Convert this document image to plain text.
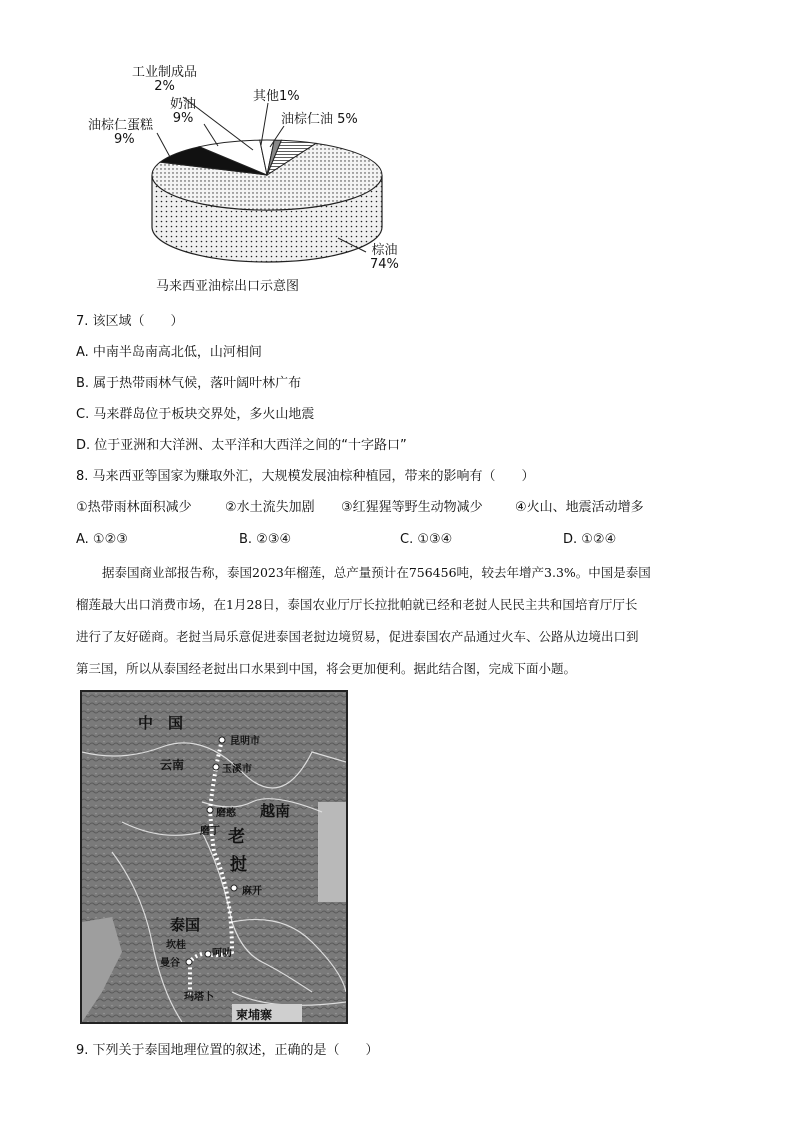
工业制成品
2%
奶油
9%
油棕仁蛋糕
9%
其他1%
油棕仁油 5%
棕油
74%
马来西亚油棕出口示意图
7. 该区域（　　）
A. 中南半岛南高北低，山河相间
B. 属于热带雨林气候，落叶阔叶林广布
C. 马来群岛位于板块交界处，多火山地震
D. 位于亚洲和大洋洲、太平洋和大西洋之间的“十字路口”
8. 马来西亚等国家为赚取外汇，大规模发展油棕种植园，带来的影响有（　　）
①热带雨林面积减少	②水土流失加剧 ③红猩猩等野生动物减少 ④火山、地震活动增多
A. ①②③	B. ②③④	C. ①③④	D. ①②④
据泰国商业部报告称，泰国2023年榴莲，总产量预计在756456吨，较去年增产3.3%。中国是泰国
榴莲最大出口消费市场，在1月28日，泰国农业厅厅长拉批帕就已经和老挝人民民主共和国培育厅厅长
进行了友好磋商。老挝当局乐意促进泰国老挝边境贸易，促进泰国农产品通过火车、公路从边境出口到
第三国，所以从泰国经老挝出口水果到中国，将会更加便利。据此结合图，完成下面小题。
中　国
昆明市
玉溪市
云南
磨憨
磨丁
越南
老
挝
麻开
泰国
坎桂
呵叻
曼谷
玛塔卜
柬埔寨
9. 下列关于泰国地理位置的叙述，正确的是（　　）
